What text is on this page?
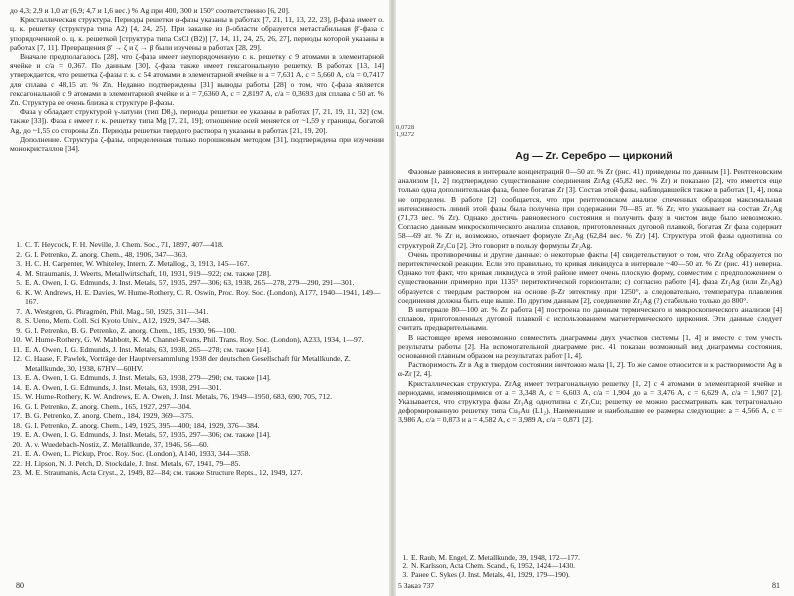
до 4,3; 2,9 и 1,0 ат (6,9; 4,7 и 1,6 вес.) % Ag при 400, 300 и 150° соответственно [6, 20].

Кристаллическая структура. Периоды решетки α-фазы указаны в работах [7, 21, 11, 13, 22, 23], β-фаза имеет о. ц. к. решетку (структура типа A2) [4, 24, 25]. При закалке из β-области образуется метастабильная β′-фаза с упорядоченной о. ц. к. решеткой [структура типа CsCl (B2)] [7, 14, 11, 24, 25, 26, 27], периоды которой указаны в работах [7, 11]. Превращения β′ → ζ и ζ → β были изучены в работах [28, 29].

Вначале предполагалось [28], что ζ-фаза имеет неупорядоченную г. к. решетку с 9 атомами в элементарной ячейке и c/a = 0,367. По данным [30], ζ-фаза также имеет гексагональную решетку. В работах [13, 14] утверждается, что решетка ζ-фазы г. к. с 54 атомами в элементарной ячейке и a = 7,631 A, c = 5,660 A, c/a = 0,7417 для сплава с 48,15 ат. % Zn. Недавно подтверждены [31] выводы работы [28] о том, что ζ-фаза является гексагональной с 9 атомами в элементарной ячейке и a = 7,6360 A, c = 2,8197 A, c/a = 0,3693 для сплава с 50 ат. % Zn. Структура ее очень близка к структуре β-фазы.

Фаза γ обладает структурой γ-латуни (тип D8₂), периоды решетки ее указаны в работах [7, 21, 19, 11, 32] (см. также [33]). Фаза ε имеет г. к. решетку типа Mg [7, 21, 19]; отношение осей меняется от ~1,59 у границы, богатой Ag, до ~1,55 со стороны Zn. Периоды решетки твердого раствора η указаны в работах [21, 19, 20].

Дополнение. Структура ζ-фазы, определенная только порошковым методом [31], подтверждена при изучении монокристаллов [34].

1. C. T. Heycock, F. H. Neville, J. Chem. Soc., 71, 1897, 407—418.
2. G. I. Petrenko, Z. anorg. Chem., 48, 1906, 347—363.
3. H. C. H. Carpenter, W. Whiteley, Intern. Z. Metallog., 3, 1913, 145—167.
4. M. Straumanis, J. Weerts, Metallwirtschaft, 10, 1931, 919—922; см. также [28].
5. E. A. Owen, I. G. Edmunds, J. Inst. Metals, 57, 1935, 297—306; 63, 1938, 265—278, 279—290, 291—301.
6. K. W. Andrews, H. E. Davies, W. Hume-Rothery, C. R. Oswin, Proc. Roy. Soc. (London), A177, 1940—1941, 149—167.
7. A. Westgren, G. Phragmén, Phil. Mag., 50, 1925, 311—341.
8. S. Ueno, Mem. Coll. Sci Kyoto Univ., A12, 1929, 347—348.
9. G. I. Petrenko, B. G. Petrenko, Z. anorg. Chem., 185, 1930, 96—100.
10. W. Hume-Rothery, G. W. Mabbott, K. M. Channel-Evans, Phil. Trans. Roy. Soc. (London), A233, 1934, 1—97.
11. E. A. Owen, I. G. Edmunds, J. Inst. Metals, 63, 1938, 265—278; см. также [14].
12. C. Haase, F. Pawlek, Vorträge der Hauptversammlung 1938 der deutschen Gesellschaft für Metallkunde, Z. Metallkunde, 30, 1938, 67HV—60HV.
13. E. A. Owen, I. G. Edmunds, J. Inst. Metals, 63, 1938, 279—290; см. также [14].
14. E. A. Owen, I. G. Edmunds, J. Inst. Metals, 63, 1938, 291—301.
15. W. Hume-Rothery, K. W. Andrews, E. A. Owen, J. Inst. Metals, 76, 1949—1950, 683, 690, 705, 712.
16. G. I. Petrenko, Z. anorg. Chem., 165, 1927, 297—304.
17. B. G. Petrenko, Z. anorg. Chem., 184, 1929, 369—375.
18. G. I. Petrenko, Z. anorg. Chem., 149, 1925, 395—400; 184, 1929, 376—384.
19. E. A. Owen, I. G. Edmunds, J. Inst. Metals, 57, 1935, 297—306; см. также [14].
20. A. v. Wuedebach-Nostiz, Z. Metallkunde, 37, 1946, 56—60.
21. E. A. Owen, L. Pickup, Proc. Roy. Soc. (London), A140, 1933, 344—358.
22. H. Lipson, N. J. Petch, D. Stockdale, J. Inst. Metals, 67, 1941, 79—85.
23. M. E. Straumanis, Acta Cryst., 2, 1949, 82—84; см. также Structure Repts., 12, 1949, 127.
80
0,0728
1,9272
Ag — Zr. Серебро — цирконий

Фазовые равновесия в интервале концентраций 0—50 ат. % Zr (рис. 41) приведены по данным [1]. Рентгеновским анализом [1, 2] подтверждено существование соединения ZrAg (45,82 вес. % Zr) и показано [2], что имеется еще только одна дополнительная фаза, более богатая Zr [3]. Состав этой фазы, наблюдавшейся также в работах [1, 4], пока не определен. В работе [2] сообщается, что при рентгеновском анализе спеченных образцов максимальная интенсивность линий этой фазы была получена при содержании 70—85 ат. % Zr, что указывает на состав Zr₃Ag (71,73 вес. % Zr). Однако достичь равновесного состояния и получить фазу в чистом виде было невозможно. Согласно данным микроскопического анализа сплавов, приготовленных дуговой плавкой, богатая Zr фаза содержит 58—69 ат. % Zr и, возможно, отвечает формуле Zr₂Ag (62,84 вес. % Zr) [4]. Структура этой фазы однотипна со структурой Zr₂Cu [2]. Это говорит в пользу формулы Zr₂Ag.

Очень противоречивы и другие данные: о некоторые факты [4] свидетельствуют о том, что ZrAg образуется по перитектической реакции. Если это правильно, то кривая ликвидуса в интервале ~40—50 ат. % Zr (рис. 41) неверна. Однако тот факт, что кривая ликвидуса в этой районе имеет очень плоскую форму, совместим с предположением о существовании примерно при 1135° перитектической горизонтали; с) согласно работе [4], фаза Zr₂Ag (или Zr₃Ag) образуется с твердым раствором на основе β-Zr эвтектику при 1250°, а следовательно, температура плавления соединения должна быть еще выше. По другим данным [2], соединение Zr₂Ag (?) стабильно только до 800°.

В интервале 80—100 ат. % Zr работа [4] построена по данным термического и микроскопического анализов [4] сплавов, приготовленных дуговой плавкой с использованием магнетермического циркония. Эти данные следует считать предварительными.

В настоящее время невозможно совместить диаграммы двух участков системы [1, 4] и вместе с тем учесть результаты работы [2]. На вспомогательной диаграмме рис. 41 показан возможный вид диаграммы состояния, основанной главным образом на результатах работ [1, 4].

Растворимость Zr в Ag в твердом состоянии ничтожно мала [1, 2]. То же самое относится и к растворимости Ag в α-Zr [2, 4].

Кристаллическая структура. ZrAg имеет тетрагональную решетку [1, 2] с 4 атомами в элементарной ячейке и периодами, изменяющимися от a = 3,348 A, c = 6,603 A, c/a = 1,904 до a = 3,476 A, c = 6,629 A, c/a = 1,907 [2]. Указывается, что структура фазы Zr₃Ag однотипна с Zr₃Cu; решетку ее можно рассматривать как тетрагонально деформированную решетку типа Cu₃Au (L1₂). Наименьшие и наибольшие ее размеры следующие: a = 4,566 A, c = 3,986 A, c/a = 0,873 и a = 4,582 A, c = 3,989 A, c/a = 0,871 [2].

1. E. Raub, M. Engel, Z. Metallkunde, 39, 1948, 172—177.
2. N. Karlsson, Acta Chem. Scand., 6, 1952, 1424—1430.
3. Ранее C. Sykes (J. Inst. Metals, 41, 1929, 179—190).
5 Заказ 737	81
